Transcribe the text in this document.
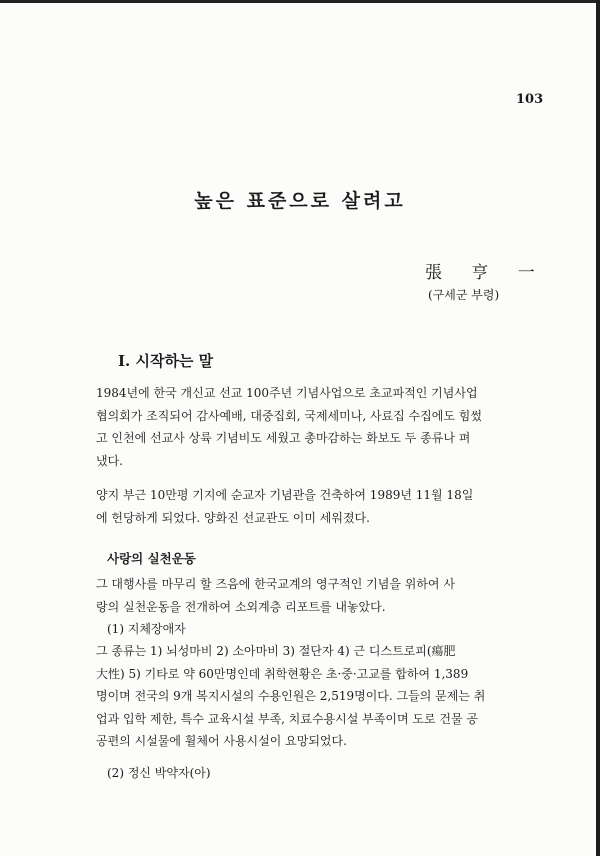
103
높은 표준으로 살려고
張 亨 一
(구세군 부령)
Ⅰ. 시작하는 말
1984년에 한국 개신교 선교 100주년 기념사업으로 초교파적인 기념사업
협의회가 조직되어 감사예배, 대중집회, 국제세미나, 사료집 수집에도 힘썼
고 인천에 선교사 상륙 기념비도 세웠고 총마감하는 화보도 두 종류나 펴
냈다.
양지 부근 10만평 기지에 순교자 기념관을 건축하여 1989년 11월 18일
에 헌당하게 되었다. 양화진 선교관도 이미 세워졌다.
사랑의 실천운동
그 대행사를 마무리 할 즈음에 한국교계의 영구적인 기념을 위하여 사
랑의 실천운동을 전개하여 소외계층 리포트를 내놓았다.
(1) 지체장애자
그 종류는 1) 뇌성마비 2) 소아마비 3) 절단자 4) 근 디스트로피(瘍肥
大性) 5) 기타로 약 60만명인데 취학현황은 초·중·고교를 합하여 1,389
명이며 전국의 9개 복지시설의 수용인원은 2,519명이다. 그들의 문제는 취
업과 입학 제한, 특수 교육시설 부족, 치료수용시설 부족이며 도로 건물 공
공편의 시설물에 휠체어 사용시설이 요망되었다.
(2) 정신 박약자(아)
